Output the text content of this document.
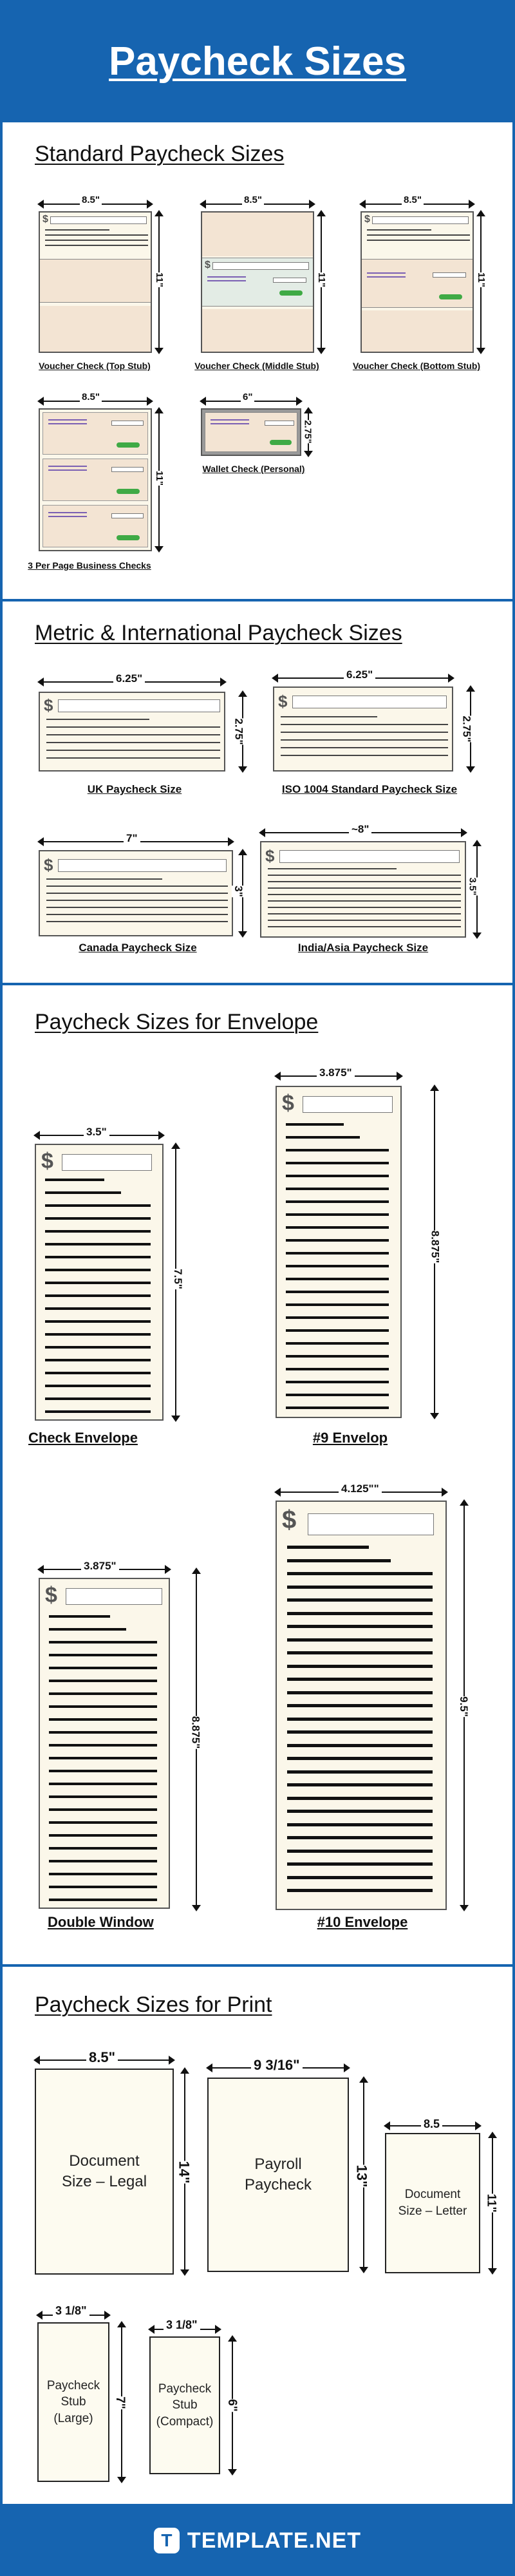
Paycheck Sizes
Standard Paycheck Sizes
8.5"
$
11"
Voucher Check (Top Stub)
8.5"
$
11"
Voucher Check (Middle Stub)
8.5"
$
11"
Voucher Check (Bottom Stub)
8.5"
11"
3 Per Page Business Checks
6"
2.75"
Wallet Check (Personal)
Metric & International Paycheck Sizes
6.25"
$
2.75"
UK Paycheck Size
6.25"
$
2.75"
ISO 1004 Standard Paycheck Size
7"
$
3"
Canada Paycheck Size
~8"
$
3.5"
India/Asia Paycheck Size
Paycheck Sizes for Envelope
3.5"
$
7.5"
Check Envelope
3.875"
$
8.875"
#9 Envelop
3.875"
$
8.875"
Double Window
4.125""
$
9.5"
#10 Envelope
Paycheck Sizes for Print
8.5"
Document Size – Legal	14"
9 3/16"
Payroll Paycheck	13"
8.5
Document Size – Letter	11"
3 1/8"
Paycheck Stub (Large)
7"
3 1/8"
Paycheck Stub (Compact)
6"
T TEMPLATE.NET
